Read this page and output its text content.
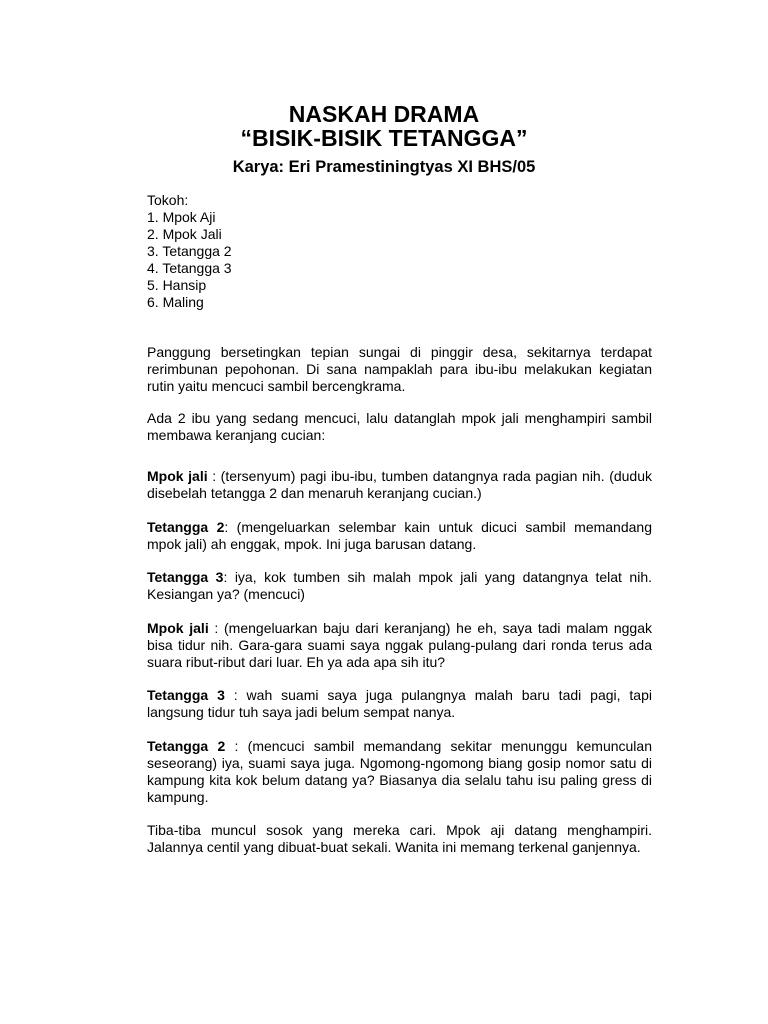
NASKAH DRAMA
“BISIK-BISIK TETANGGA”
Karya: Eri Pramestiningtyas XI BHS/05
Tokoh:
1. Mpok Aji
2. Mpok Jali
3. Tetangga 2
4. Tetangga 3
5. Hansip
6. Maling
Panggung bersetingkan tepian sungai di pinggir desa, sekitarnya terdapat rerimbunan pepohonan. Di sana nampaklah para ibu-ibu melakukan kegiatan rutin yaitu mencuci sambil bercengkrama.
Ada 2 ibu yang sedang mencuci, lalu datanglah mpok jali menghampiri sambil membawa keranjang cucian:
Mpok jali : (tersenyum) pagi ibu-ibu, tumben datangnya rada pagian nih. (duduk disebelah tetangga 2 dan menaruh keranjang cucian.)
Tetangga 2: (mengeluarkan selembar kain untuk dicuci sambil memandang mpok jali) ah enggak, mpok. Ini juga barusan datang.
Tetangga 3: iya, kok tumben sih malah mpok jali yang datangnya telat nih. Kesiangan ya? (mencuci)
Mpok jali : (mengeluarkan baju dari keranjang) he eh, saya tadi malam nggak bisa tidur nih. Gara-gara suami saya nggak pulang-pulang dari ronda terus ada suara ribut-ribut dari luar. Eh ya ada apa sih itu?
Tetangga 3 : wah suami saya juga pulangnya malah baru tadi pagi, tapi langsung tidur tuh saya jadi belum sempat nanya.
Tetangga 2 : (mencuci sambil memandang sekitar menunggu kemunculan seseorang) iya, suami saya juga. Ngomong-ngomong biang gosip nomor satu di kampung kita kok belum datang ya? Biasanya dia selalu tahu isu paling gress di kampung.
Tiba-tiba muncul sosok yang mereka cari. Mpok aji datang menghampiri. Jalannya centil yang dibuat-buat sekali. Wanita ini memang terkenal ganjennya.
